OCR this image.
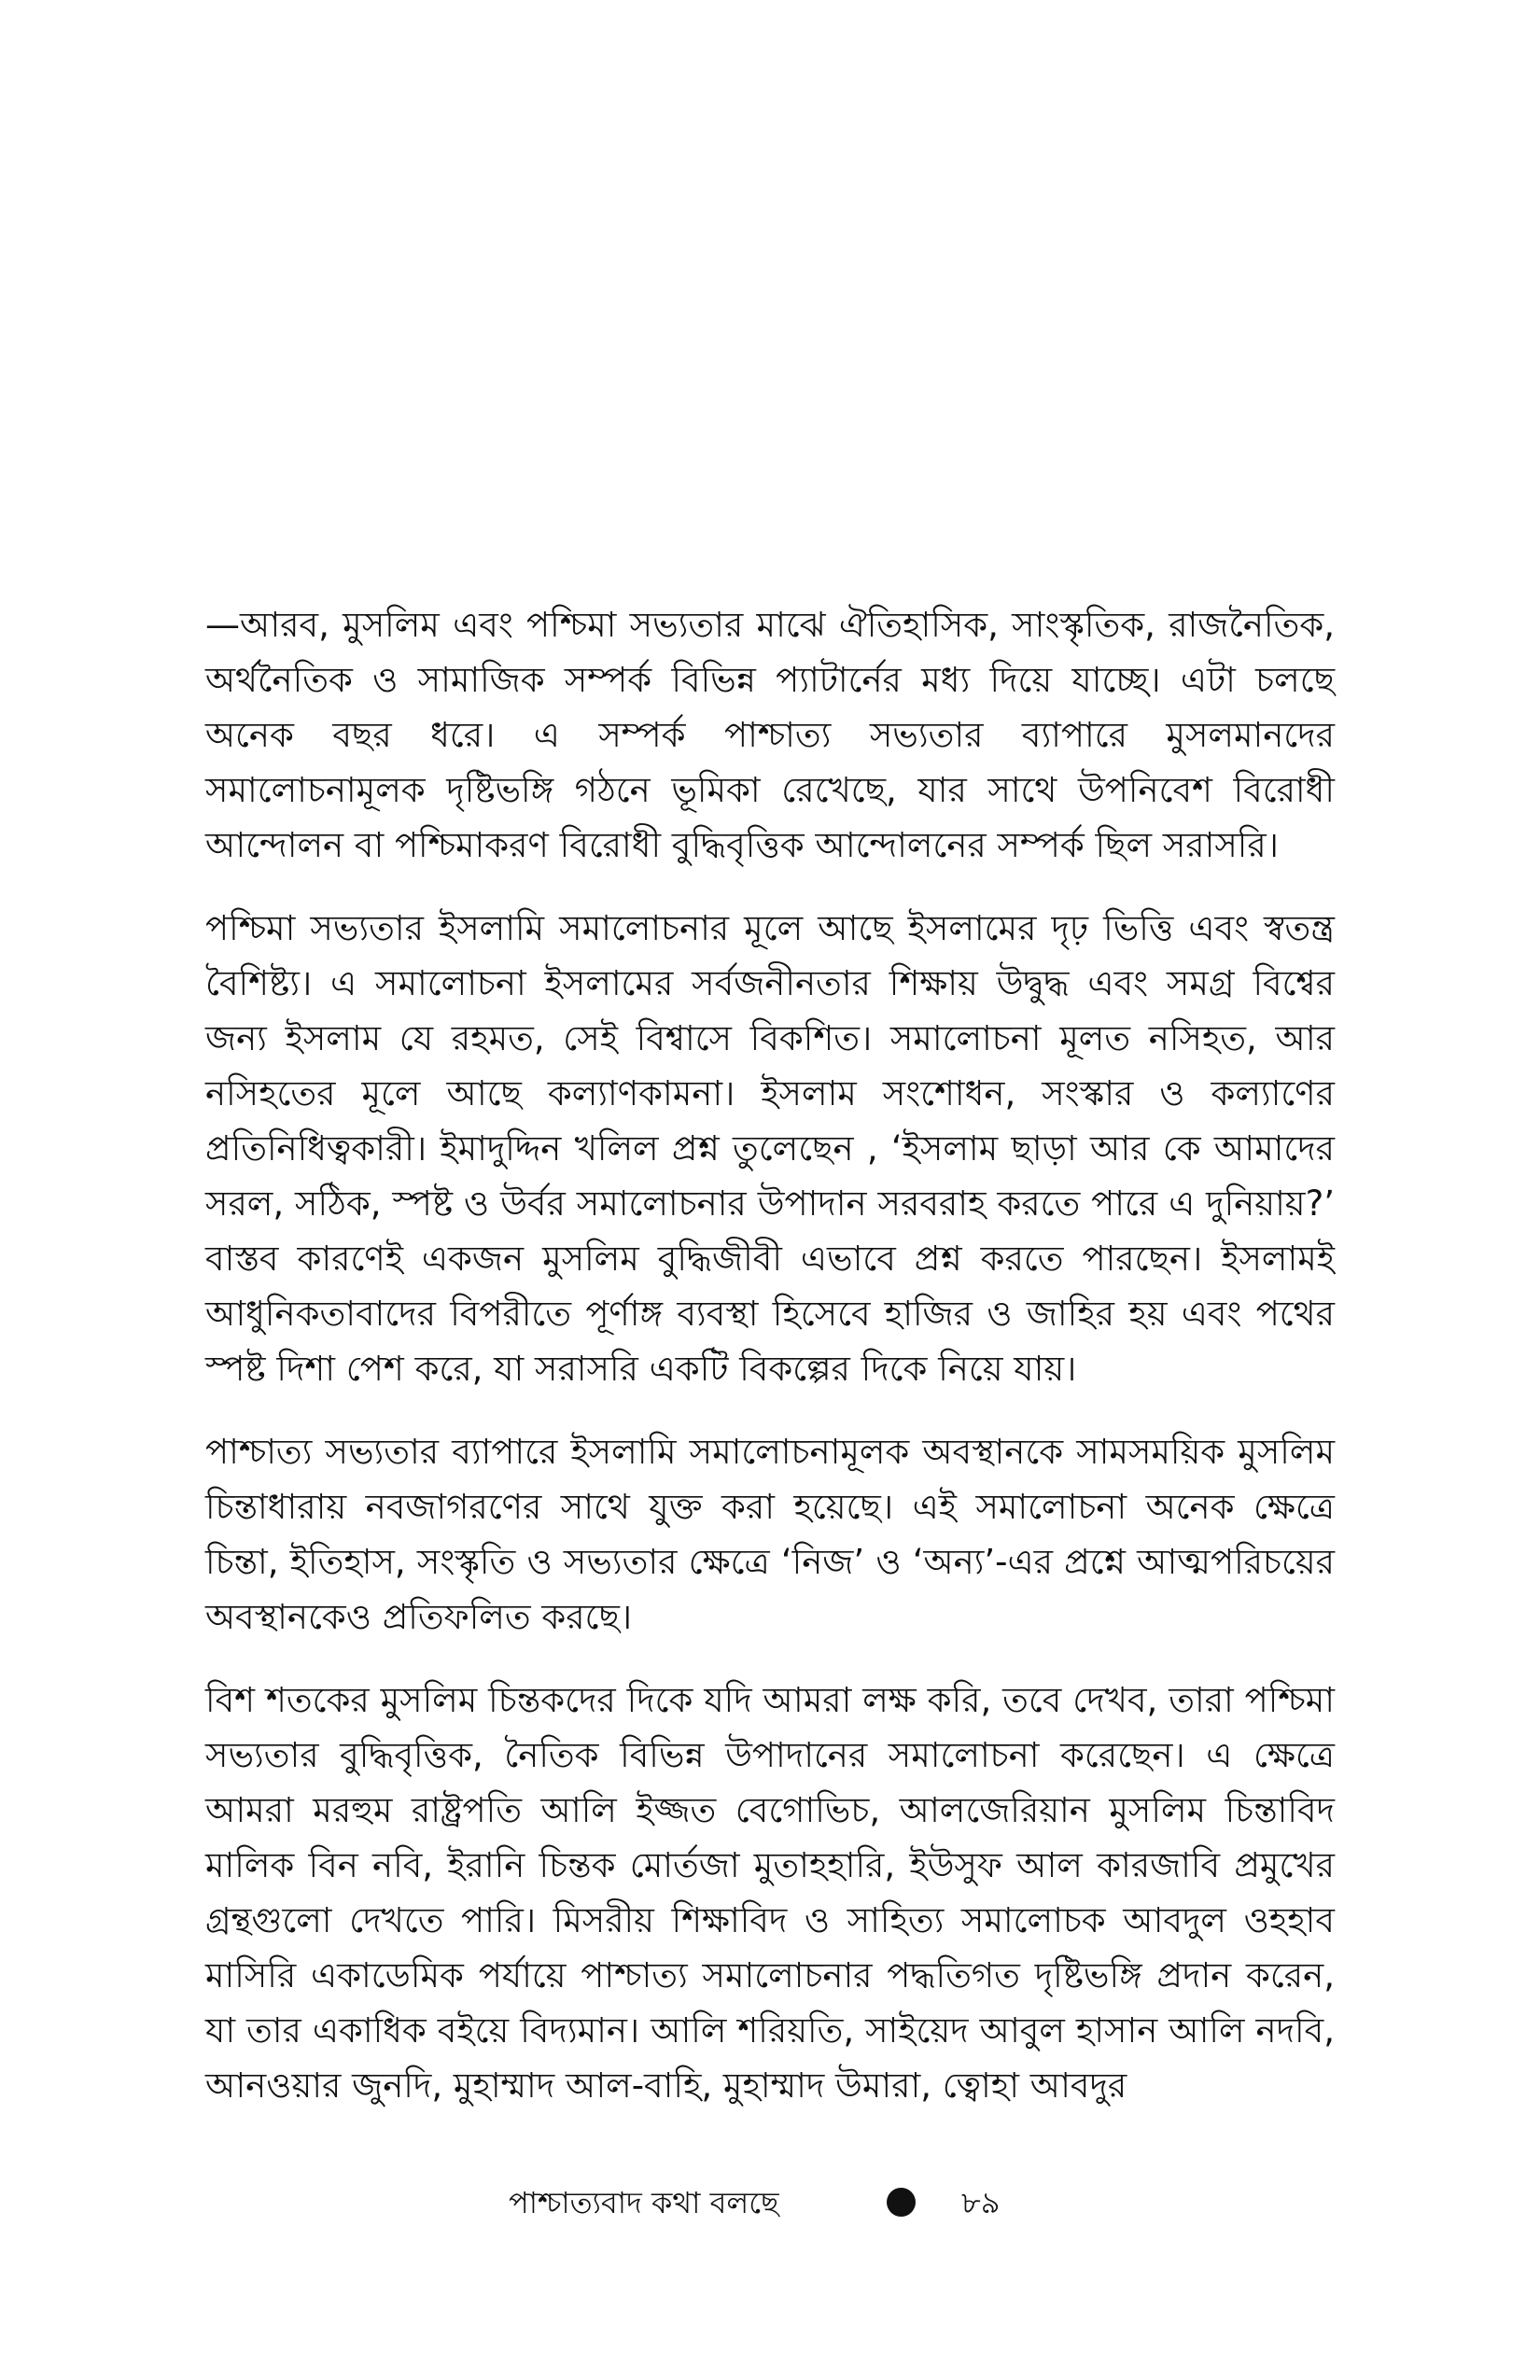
—আরব, মুসলিম এবং পশ্চিমা সভ্যতার মাঝে ঐতিহাসিক, সাংস্কৃতিক, রাজনৈতিক, অর্থনৈতিক ও সামাজিক সম্পর্ক বিভিন্ন প্যাটার্নের মধ্য দিয়ে যাচ্ছে। এটা চলছে অনেক বছর ধরে। এ সম্পর্ক পাশ্চাত্য সভ্যতার ব্যাপারে মুসলমানদের সমালোচনামূলক দৃষ্টিভঙ্গি গঠনে ভূমিকা রেখেছে, যার সাথে উপনিবেশ বিরোধী আন্দোলন বা পশ্চিমাকরণ বিরোধী বুদ্ধিবৃত্তিক আন্দোলনের সম্পর্ক ছিল সরাসরি।

পশ্চিমা সভ্যতার ইসলামি সমালোচনার মূলে আছে ইসলামের দৃঢ় ভিত্তি এবং স্বতন্ত্র বৈশিষ্ট্য। এ সমালোচনা ইসলামের সর্বজনীনতার শিক্ষায় উদ্বুদ্ধ এবং সমগ্র বিশ্বের জন্য ইসলাম যে রহমত, সেই বিশ্বাসে বিকশিত। সমালোচনা মূলত নসিহত, আর নসিহতের মূলে আছে কল্যাণকামনা। ইসলাম সংশোধন, সংস্কার ও কল্যাণের প্রতিনিধিত্বকারী। ইমাদুদ্দিন খলিল প্রশ্ন তুলেছেন , ‘ইসলাম ছাড়া আর কে আমাদের সরল, সঠিক, স্পষ্ট ও উর্বর সমালোচনার উপাদান সরবরাহ করতে পারে এ দুনিয়ায়?’ বাস্তব কারণেই একজন মুসলিম বুদ্ধিজীবী এভাবে প্রশ্ন করতে পারছেন। ইসলামই আধুনিকতাবাদের বিপরীতে পূর্ণাঙ্গ ব্যবস্থা হিসেবে হাজির ও জাহির হয় এবং পথের স্পষ্ট দিশা পেশ করে, যা সরাসরি একটি বিকল্পের দিকে নিয়ে যায়।

পাশ্চাত্য সভ্যতার ব্যাপারে ইসলামি সমালোচনামূলক অবস্থানকে সামসময়িক মুসলিম চিন্তাধারায় নবজাগরণের সাথে যুক্ত করা হয়েছে। এই সমালোচনা অনেক ক্ষেত্রে চিন্তা, ইতিহাস, সংস্কৃতি ও সভ্যতার ক্ষেত্রে ‘নিজ’ ও ‘অন্য’-এর প্রশ্নে আত্মপরিচয়ের অবস্থানকেও প্রতিফলিত করছে।

বিশ শতকের মুসলিম চিন্তকদের দিকে যদি আমরা লক্ষ করি, তবে দেখব, তারা পশ্চিমা সভ্যতার বুদ্ধিবৃত্তিক, নৈতিক বিভিন্ন উপাদানের সমালোচনা করেছেন। এ ক্ষেত্রে আমরা মরহুম রাষ্ট্রপতি আলি ইজ্জত বেগোভিচ, আলজেরিয়ান মুসলিম চিন্তাবিদ মালিক বিন নবি, ইরানি চিন্তক মোর্তজা মুতাহহারি, ইউসুফ আল কারজাবি প্রমুখের গ্রন্থগুলো দেখতে পারি। মিসরীয় শিক্ষাবিদ ও সাহিত্য সমালোচক আবদুল ওহহাব মাসিরি একাডেমিক পর্যায়ে পাশ্চাত্য সমালোচনার পদ্ধতিগত দৃষ্টিভঙ্গি প্রদান করেন, যা তার একাধিক বইয়ে বিদ্যমান। আলি শরিয়তি, সাইয়েদ আবুল হাসান আলি নদবি, আনওয়ার জুনদি, মুহাম্মাদ আল-বাহি, মুহাম্মাদ উমারা, ত্বোহা আবদুর

পাশ্চাত্যবাদ কথা বলছে	৮৯
